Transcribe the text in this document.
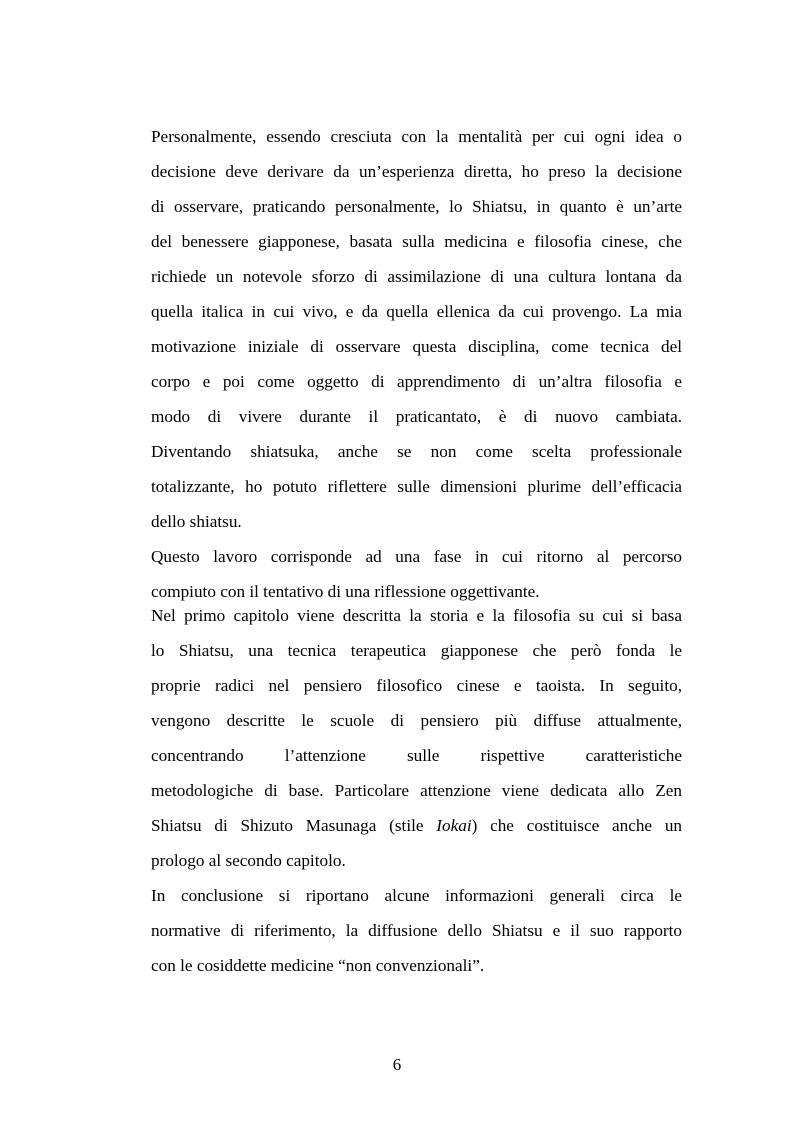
Personalmente, essendo cresciuta con la mentalità per cui ogni idea o
decisione deve derivare da un’esperienza diretta, ho preso la decisione
di osservare, praticando personalmente, lo Shiatsu, in quanto è un’arte
del benessere giapponese, basata sulla medicina e filosofia cinese, che
richiede un notevole sforzo di assimilazione di una cultura lontana da
quella italica in cui vivo, e da quella ellenica da cui provengo. La mia
motivazione iniziale di osservare questa disciplina, come tecnica del
corpo e poi come oggetto di apprendimento di un’altra filosofia e
modo di vivere durante il praticantato, è di nuovo cambiata.
Diventando shiatsuka, anche se non come scelta professionale
totalizzante, ho potuto riflettere sulle dimensioni plurime dell’efficacia
dello shiatsu.
Questo lavoro corrisponde ad una fase in cui ritorno al percorso
compiuto con il tentativo di una riflessione oggettivante.
Nel primo capitolo viene descritta la storia e la filosofia su cui si basa
lo Shiatsu, una tecnica terapeutica giapponese che però fonda le
proprie radici nel pensiero filosofico cinese e taoista. In seguito,
vengono descritte le scuole di pensiero più diffuse attualmente,
concentrando l’attenzione sulle rispettive caratteristiche
metodologiche di base. Particolare attenzione viene dedicata allo Zen
Shiatsu di Shizuto Masunaga (stile Iokai) che costituisce anche un
prologo al secondo capitolo.
In conclusione si riportano alcune informazioni generali circa le
normative di riferimento, la diffusione dello Shiatsu e il suo rapporto
con le cosiddette medicine “non convenzionali”.
6
